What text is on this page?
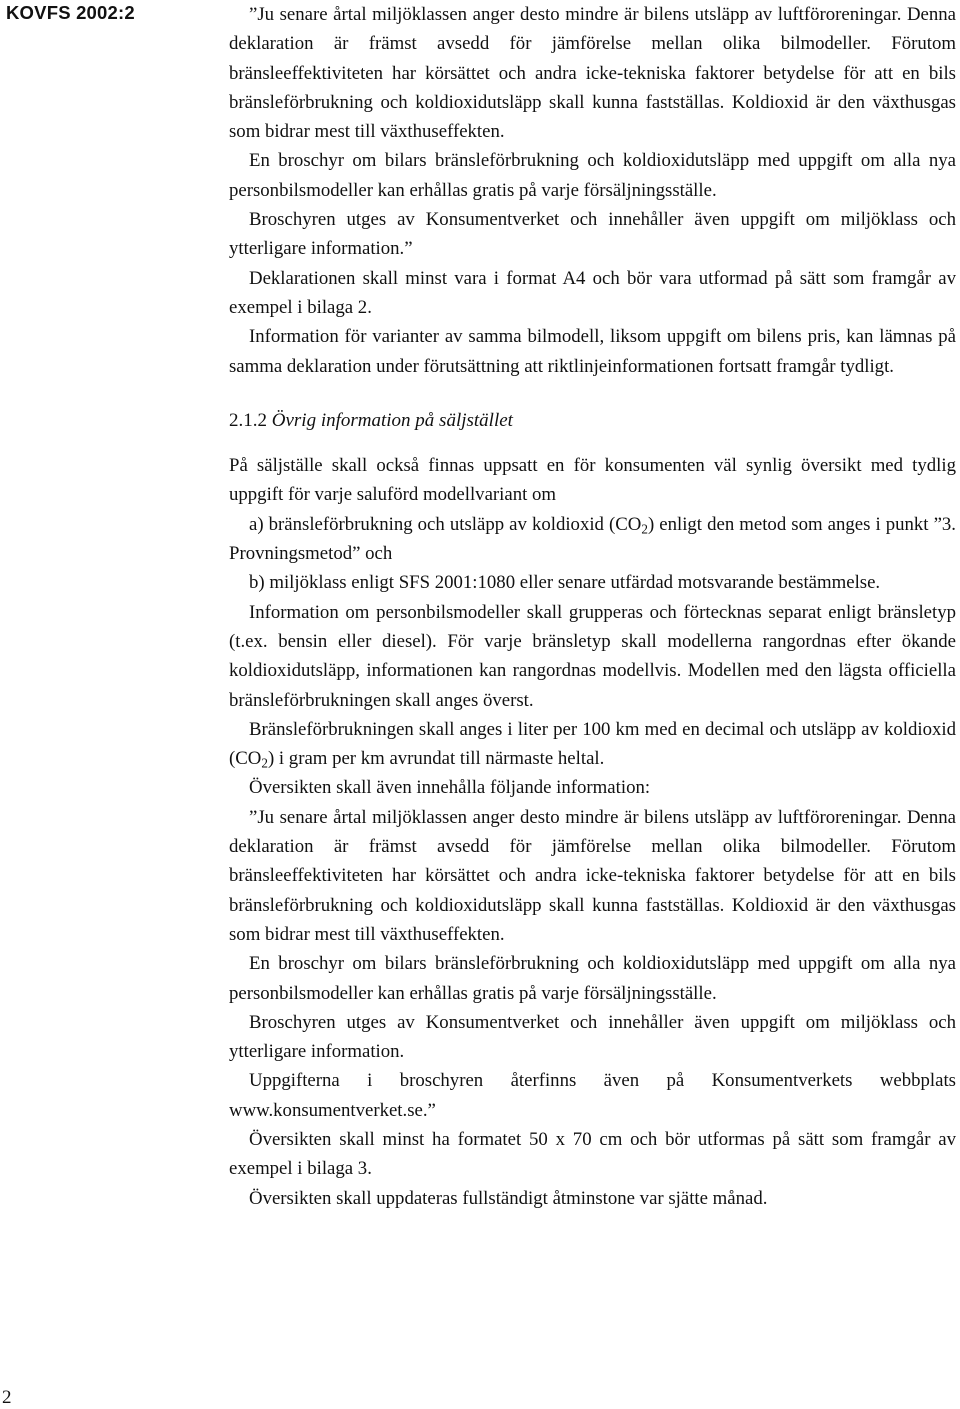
KOVFS 2002:2	”Ju senare årtal miljöklassen anger desto mindre är bilens utsläpp av luftföroreningar. Denna deklaration är främst avsedd för jämförelse mellan olika bilmodeller. Förutom bränsleeffektiviteten har körsättet och andra icke-tekniska faktorer betydelse för att en bils bränsleförbrukning och koldioxidutsläpp skall kunna fastställas. Koldioxid är den växthusgas som bidrar mest till växthuseffekten.

En broschyr om bilars bränsleförbrukning och koldioxidutsläpp med uppgift om alla nya personbilsmodeller kan erhållas gratis på varje försäljningsställe.

Broschyren utges av Konsumentverket och innehåller även uppgift om miljöklass och ytterligare information.”

Deklarationen skall minst vara i format A4 och bör vara utformad på sätt som framgår av exempel i bilaga 2.

Information för varianter av samma bilmodell, liksom uppgift om bilens pris, kan lämnas på samma deklaration under förutsättning att riktlinjeinformationen fortsatt framgår tydligt.

2.1.2 Övrig information på säljstället

På säljställe skall också finnas uppsatt en för konsumenten väl synlig översikt med tydlig uppgift för varje saluförd modellvariant om

a) bränsleförbrukning och utsläpp av koldioxid $(CO_2)$ enligt den metod som anges i punkt ”3. Provningsmetod” och

b) miljöklass enligt SFS 2001:1080 eller senare utfärdad motsvarande bestämmelse.

Information om personbilsmodeller skall grupperas och förtecknas separat enligt bränsletyp (t.ex. bensin eller diesel). För varje bränsletyp skall modellerna rangordnas efter ökande koldioxidutsläpp, informationen kan rangordnas modellvis. Modellen med den lägsta officiella bränsleförbrukningen skall anges överst.

Bränsleförbrukningen skall anges i liter per 100 km med en decimal och utsläpp av koldioxid $(CO_2)$ i gram per km avrundat till närmaste heltal.

Översikten skall även innehålla följande information:

”Ju senare årtal miljöklassen anger desto mindre är bilens utsläpp av luftföroreningar. Denna deklaration är främst avsedd för jämförelse mellan olika bilmodeller. Förutom bränsleeffektiviteten har körsättet och andra icke-tekniska faktorer betydelse för att en bils bränsleförbrukning och koldioxidutsläpp skall kunna fastställas. Koldioxid är den växthusgas som bidrar mest till växthuseffekten.

En broschyr om bilars bränsleförbrukning och koldioxidutsläpp med uppgift om alla nya personbilsmodeller kan erhållas gratis på varje försäljningsställe.

Broschyren utges av Konsumentverket och innehåller även uppgift om miljöklass och ytterligare information.

Uppgifterna i broschyren återfinns även på Konsumentverkets webbplats www.konsumentverket.se.”

Översikten skall minst ha formatet 50 x 70 cm och bör utformas på sätt som framgår av exempel i bilaga 3.

Översikten skall uppdateras fullständigt åtminstone var sjätte månad.

2
